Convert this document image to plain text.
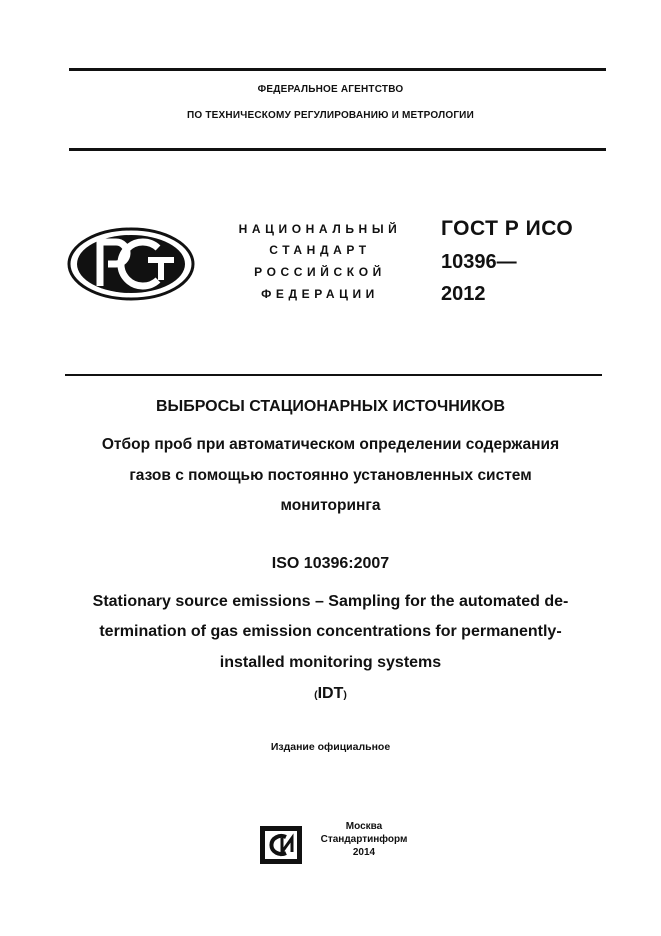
ФЕДЕРАЛЬНОЕ АГЕНТСТВО
ПО ТЕХНИЧЕСКОМУ РЕГУЛИРОВАНИЮ И МЕТРОЛОГИИ
НАЦИОНАЛЬНЫЙ
СТАНДАРТ
РОССИЙСКОЙ
ФЕДЕРАЦИИ
ГОСТ Р ИСО
10396—
2012
ВЫБРОСЫ СТАЦИОНАРНЫХ ИСТОЧНИКОВ
Отбор проб при автоматическом определении содержания
газов с помощью постоянно установленных систем
мониторинга
ISO 10396:2007
Stationary source emissions – Sampling for the automated de-
termination of gas emission concentrations for permanently-
installed monitoring systems
(IDT)
Издание официальное
Москва
Стандартинформ
2014
